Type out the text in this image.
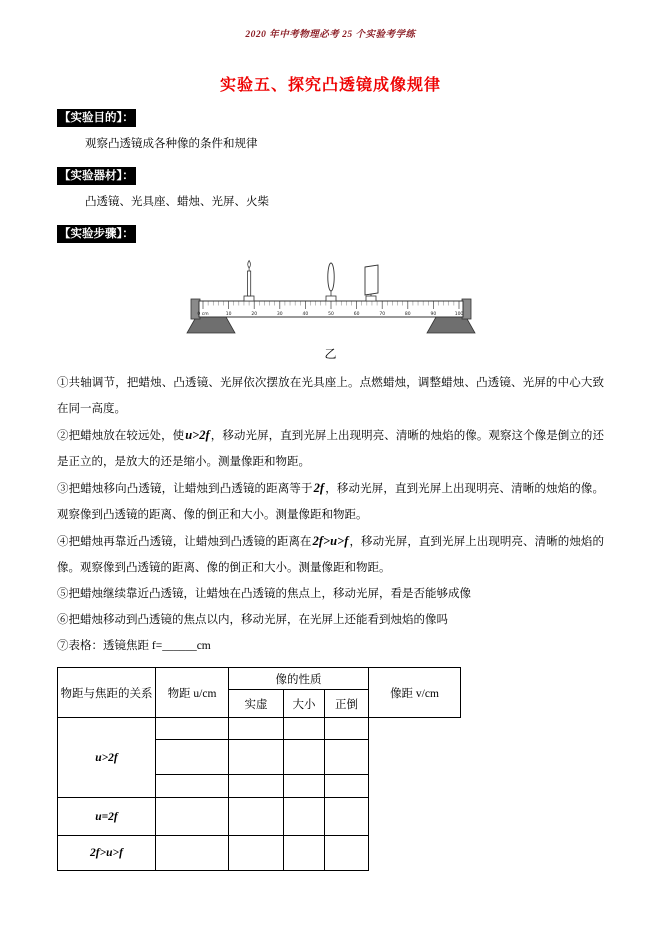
2020 年中考物理必考 25 个实验考学练
实验五、探究凸透镜成像规律
【实验目的】：
观察凸透镜成各种像的条件和规律
【实验器材】：
凸透镜、光具座、蜡烛、光屏、火柴
【实验步骤】：
0 cm	10	20	30	40	50	60	70	80	90	100
乙

①共轴调节，把蜡烛、凸透镜、光屏依次摆放在光具座上。点燃蜡烛，调整蜡烛、凸透镜、光屏的中心大致在同一高度。

②把蜡烛放在较远处，使u>2f，移动光屏，直到光屏上出现明亮、清晰的烛焰的像。观察这个像是倒立的还是正立的，是放大的还是缩小。测量像距和物距。

③把蜡烛移向凸透镜，让蜡烛到凸透镜的距离等于2f，移动光屏，直到光屏上出现明亮、清晰的烛焰的像。观察像到凸透镜的距离、像的倒正和大小。测量像距和物距。

④把蜡烛再靠近凸透镜，让蜡烛到凸透镜的距离在2f>u>f，移动光屏，直到光屏上出现明亮、清晰的烛焰的像。观察像到凸透镜的距离、像的倒正和大小。测量像距和物距。

⑤把蜡烛继续靠近凸透镜，让蜡烛在凸透镜的焦点上，移动光屏，看是否能够成像

⑥把蜡烛移动到凸透镜的焦点以内，移动光屏，在光屏上还能看到烛焰的像吗

⑦表格：透镜焦距 f=______cm

物距与焦距的关系	物距 u/cm	像的性质			像距 v/cm
		实虚	大小	正倒	
u>2f					

u=2f					
2f>u>f					
